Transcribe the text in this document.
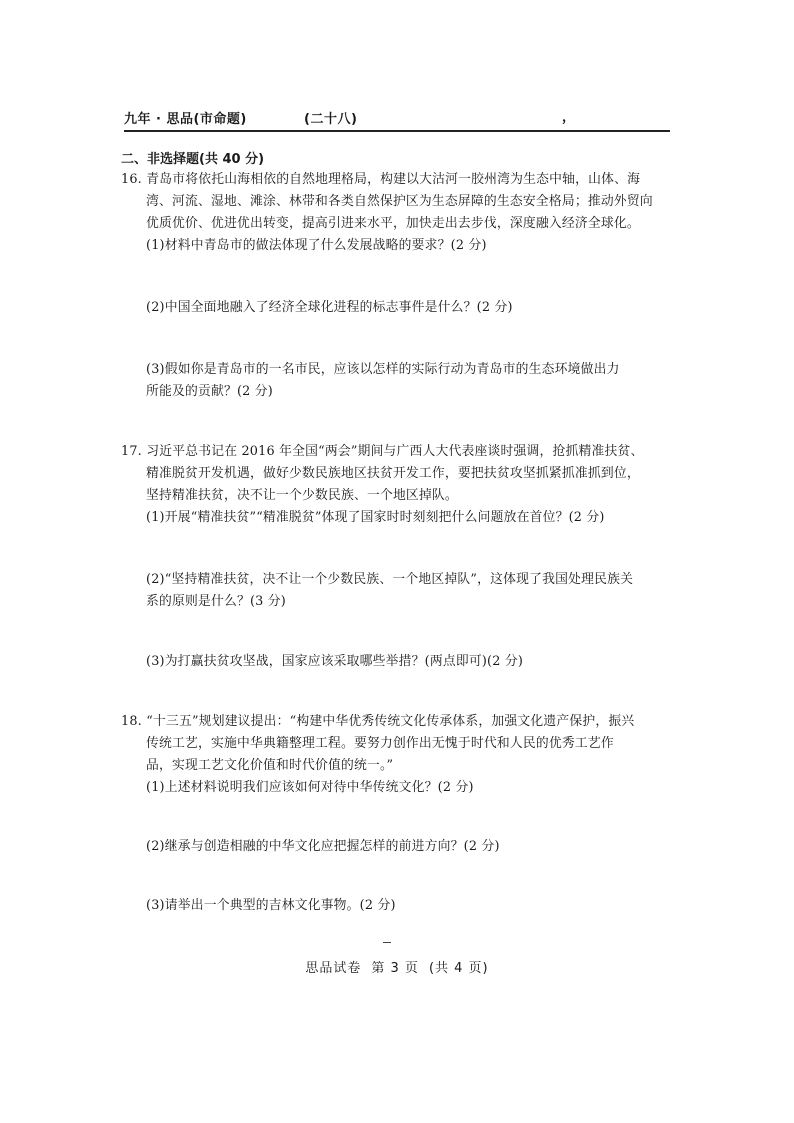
九年 · 思品(市命题)	(二十八)	，
二、非选择题(共 40 分)
16. 青岛市将依托山海相依的自然地理格局，构建以大沽河一胶州湾为生态中轴，山体、海
湾、河流、湿地、滩涂、林带和各类自然保护区为生态屏障的生态安全格局；推动外贸向
优质优价、优进优出转变，提高引进来水平，加快走出去步伐，深度融入经济全球化。
(1)材料中青岛市的做法体现了什么发展战略的要求？(2 分)
(2)中国全面地融入了经济全球化进程的标志事件是什么？(2 分)
(3)假如你是青岛市的一名市民，应该以怎样的实际行动为青岛市的生态环境做出力
所能及的贡献？(2 分)
17. 习近平总书记在 2016 年全国“两会”期间与广西人大代表座谈时强调，抢抓精准扶贫、
精准脱贫开发机遇，做好少数民族地区扶贫开发工作，要把扶贫攻坚抓紧抓准抓到位，
坚持精准扶贫，决不让一个少数民族、一个地区掉队。
(1)开展“精准扶贫”“精准脱贫”体现了国家时时刻刻把什么问题放在首位？(2 分)
(2)“坚持精准扶贫，决不让一个少数民族、一个地区掉队”，这体现了我国处理民族关
系的原则是什么？(3 分)
(3)为打赢扶贫攻坚战，国家应该采取哪些举措？(两点即可)(2 分)
18. “十三五”规划建议提出：“构建中华优秀传统文化传承体系，加强文化遗产保护，振兴
传统工艺，实施中华典籍整理工程。要努力创作出无愧于时代和人民的优秀工艺作
品，实现工艺文化价值和时代价值的统一。”
(1)上述材料说明我们应该如何对待中华传统文化？(2 分)
(2)继承与创造相融的中华文化应把握怎样的前进方向？(2 分)
(3)请举出一个典型的吉林文化事物。(2 分)
思品试卷 第 3 页 (共 4 页)
